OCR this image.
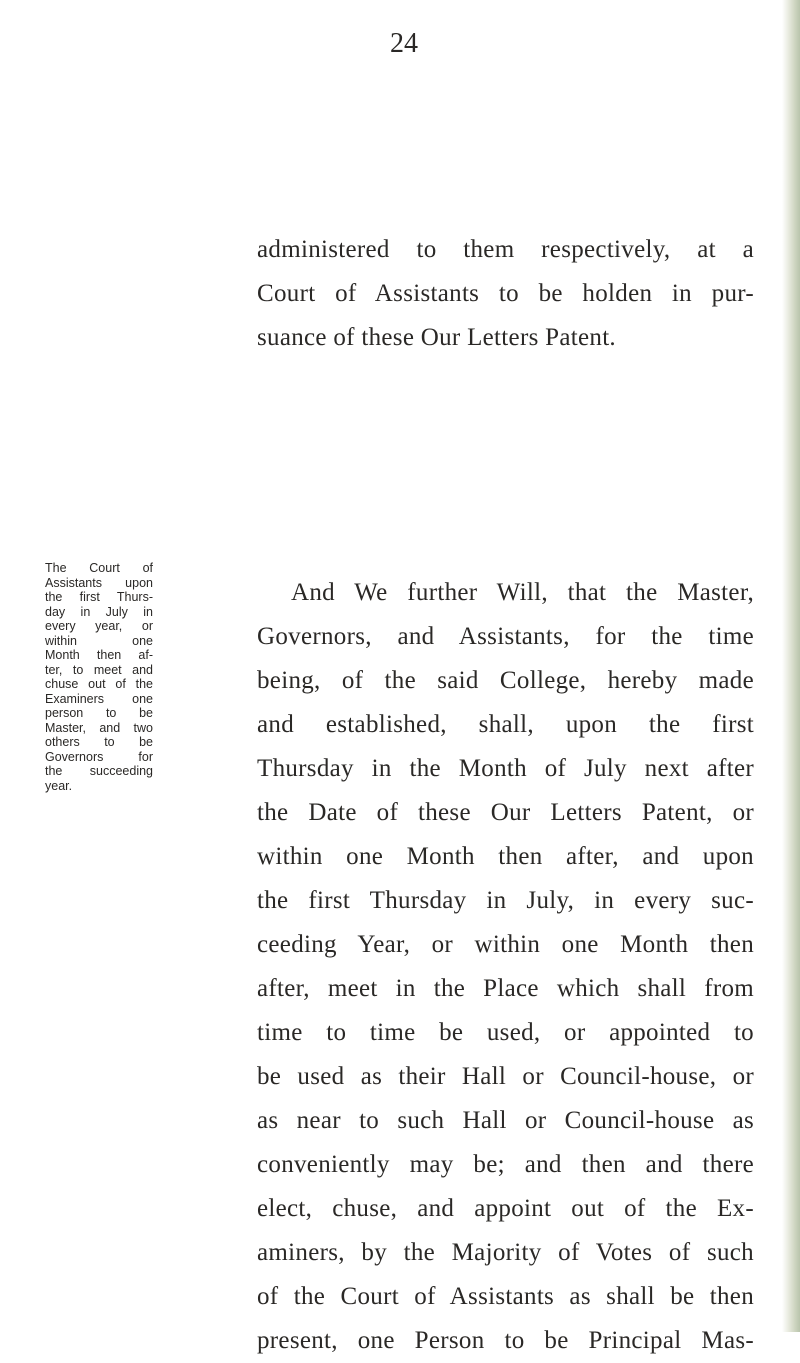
24
administered to them respectively, at a
Court of Assistants to be holden in pur-
suance of these Our Letters Patent.
The Court of
Assistants upon
the first Thurs-
day in July in
every year, or
within one
Month then af-
ter, to meet and
chuse out of the
Examiners one
person to be
Master, and two
others to be
Governors for
the succeeding
year.
And We further Will, that the Master,
Governors, and Assistants, for the time
being, of the said College, hereby made
and established, shall, upon the first
Thursday in the Month of July next after
the Date of these Our Letters Patent, or
within one Month then after, and upon
the first Thursday in July, in every suc-
ceeding Year, or within one Month then
after, meet in the Place which shall from
time to time be used, or appointed to
be used as their Hall or Council-house, or
as near to such Hall or Council-house as
conveniently may be; and then and there
elect, chuse, and appoint out of the Ex-
aminers, by the Majority of Votes of such
of the Court of Assistants as shall be then
present, one Person to be Principal Mas-
